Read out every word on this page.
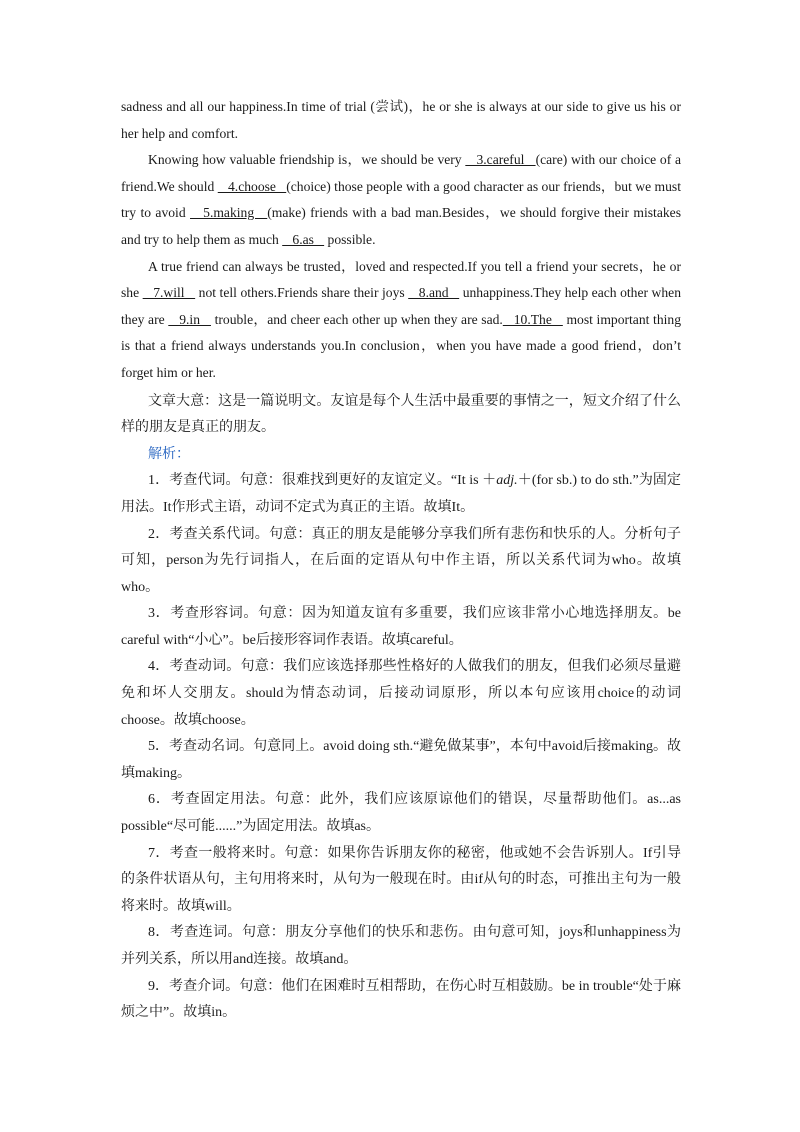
sadness and all our happiness.In time of trial (尝试)，he or she is always at our side to give us his or her help and comfort.

Knowing how valuable friendship is，we should be very    3.careful   (care) with our choice of a friend.We should    4.choose   (choice) those people with a good character as our friends，but we must try to avoid    5.making   (make) friends with a bad man.Besides，we should forgive their mistakes and try to help them as much    6.as    possible.

A true friend can always be trusted，loved and respected.If you tell a friend your secrets，he or she    7.will    not tell others.Friends share their joys    8.and    unhappiness.They help each other when they are    9.in    trouble，and cheer each other up when they are sad.   10.The    most important thing is that a friend always understands you.In conclusion，when you have made a good friend，don’t forget him or her.

文章大意：这是一篇说明文。友谊是每个人生活中最重要的事情之一，短文介绍了什么样的朋友是真正的朋友。

解析：

1．考查代词。句意：很难找到更好的友谊定义。“It is ＋adj.＋(for sb.) to do sth.”为固定用法。It作形式主语，动词不定式为真正的主语。故填It。

2．考查关系代词。句意：真正的朋友是能够分享我们所有悲伤和快乐的人。分析句子可知，person为先行词指人，在后面的定语从句中作主语，所以关系代词为who。故填who。

3．考查形容词。句意：因为知道友谊有多重要，我们应该非常小心地选择朋友。be careful with“小心”。be后接形容词作表语。故填careful。

4．考查动词。句意：我们应该选择那些性格好的人做我们的朋友，但我们必须尽量避免和坏人交朋友。should为情态动词，后接动词原形，所以本句应该用choice的动词choose。故填choose。

5．考查动名词。句意同上。avoid doing sth.“避免做某事”，本句中avoid后接making。故填making。

6．考查固定用法。句意：此外，我们应该原谅他们的错误，尽量帮助他们。as...as possible“尽可能......”为固定用法。故填as。

7．考查一般将来时。句意：如果你告诉朋友你的秘密，他或她不会告诉别人。If引导的条件状语从句，主句用将来时，从句为一般现在时。由if从句的时态，可推出主句为一般将来时。故填will。

8．考查连词。句意：朋友分享他们的快乐和悲伤。由句意可知，joys和unhappiness为并列关系，所以用and连接。故填and。

9．考查介词。句意：他们在困难时互相帮助，在伤心时互相鼓励。be in trouble“处于麻烦之中”。故填in。
